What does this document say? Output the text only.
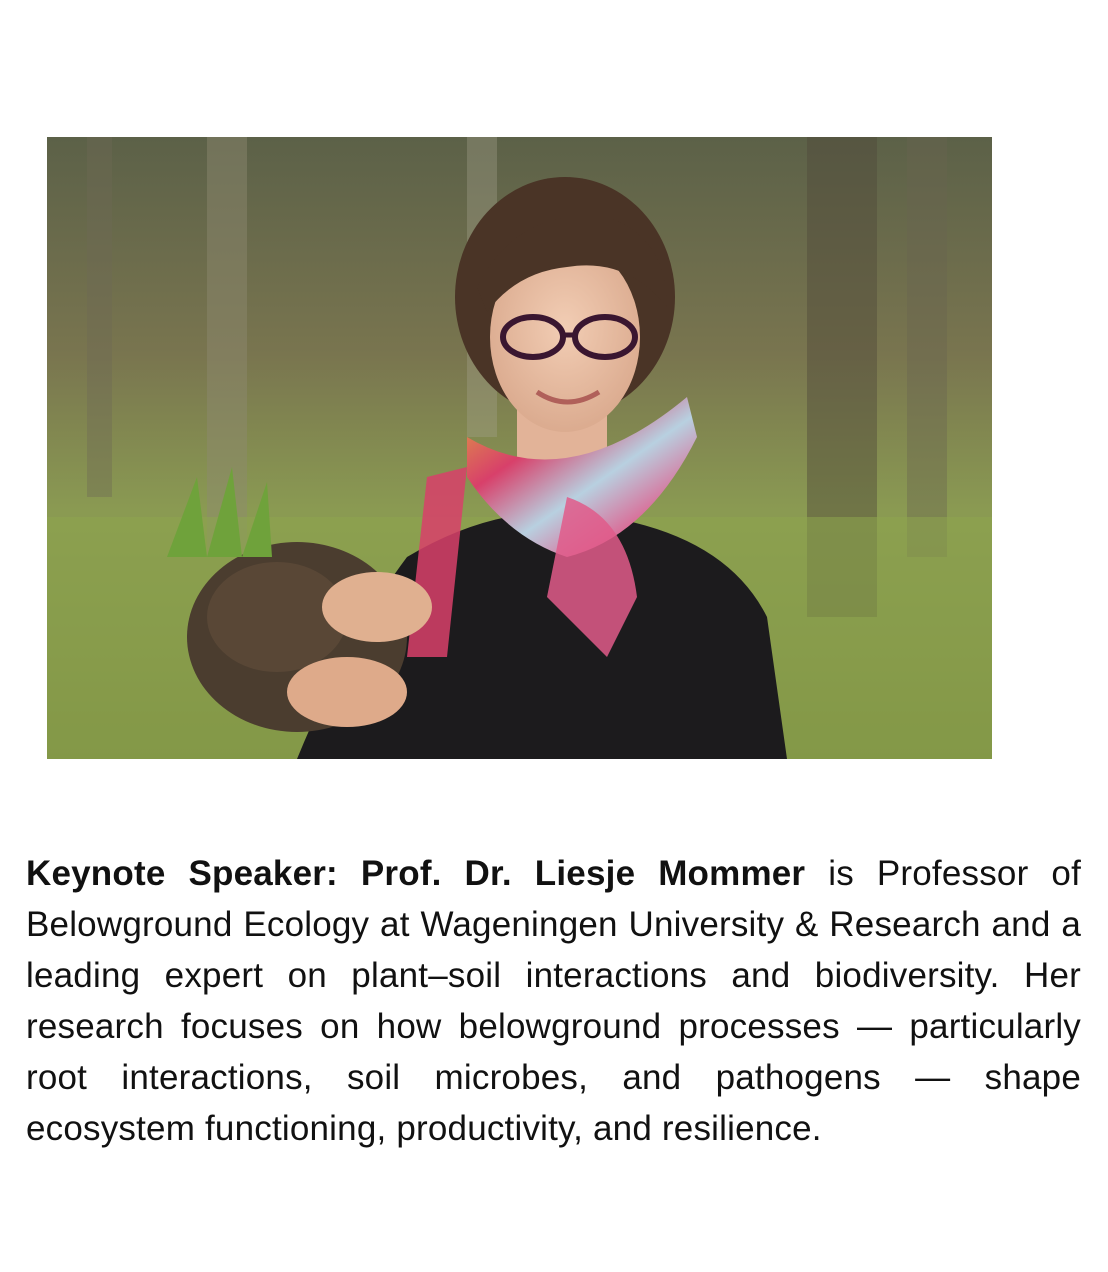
Keynote Speaker: Prof. Dr. Liesje Mommer is Professor of Belowground Ecology at Wageningen University & Research and a leading expert on plant–soil interactions and biodiversity. Her research focuses on how belowground processes — particularly root interactions, soil microbes, and pathogens — shape ecosystem functioning, productivity, and resilience.
